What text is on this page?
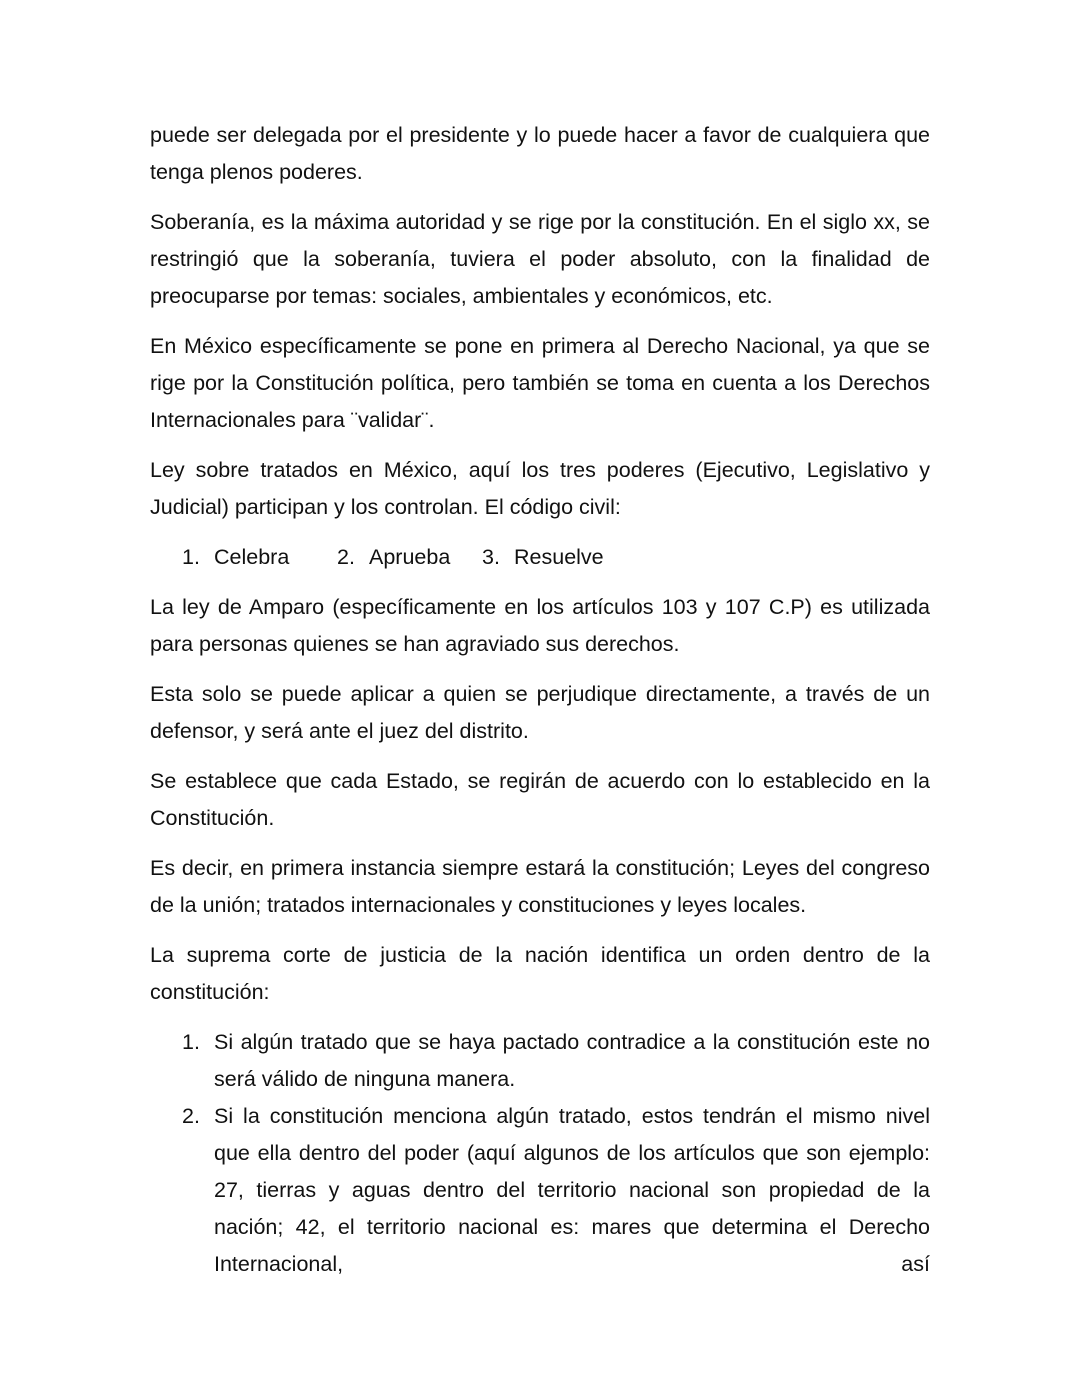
puede ser delegada por el presidente y lo puede hacer a favor de cualquiera que tenga plenos poderes.

Soberanía, es la máxima autoridad y se rige por la constitución. En el siglo xx, se restringió que la soberanía, tuviera el poder absoluto, con la finalidad de preocuparse por temas: sociales, ambientales y económicos, etc.

En México específicamente se pone en primera al Derecho Nacional, ya que se rige por la Constitución política, pero también se toma en cuenta a los Derechos Internacionales para ¨validar¨.

Ley sobre tratados en México, aquí los tres poderes (Ejecutivo, Legislativo y Judicial) participan y los controlan. El código civil:

1. Celebra 2. Aprueba 3. Resuelve

La ley de Amparo (específicamente en los artículos 103 y 107 C.P) es utilizada para personas quienes se han agraviado sus derechos.

Esta solo se puede aplicar a quien se perjudique directamente, a través de un defensor, y será ante el juez del distrito.

Se establece que cada Estado, se regirán de acuerdo con lo establecido en la Constitución.

Es decir, en primera instancia siempre estará la constitución; Leyes del congreso de la unión; tratados internacionales y constituciones y leyes locales.

La suprema corte de justicia de la nación identifica un orden dentro de la constitución:

1. Si algún tratado que se haya pactado contradice a la constitución este no será válido de ninguna manera.
2. Si la constitución menciona algún tratado, estos tendrán el mismo nivel que ella dentro del poder (aquí algunos de los artículos que son ejemplo: 27, tierras y aguas dentro del territorio nacional son propiedad de la nación; 42, el territorio nacional es: mares que determina el Derecho Internacional, así
